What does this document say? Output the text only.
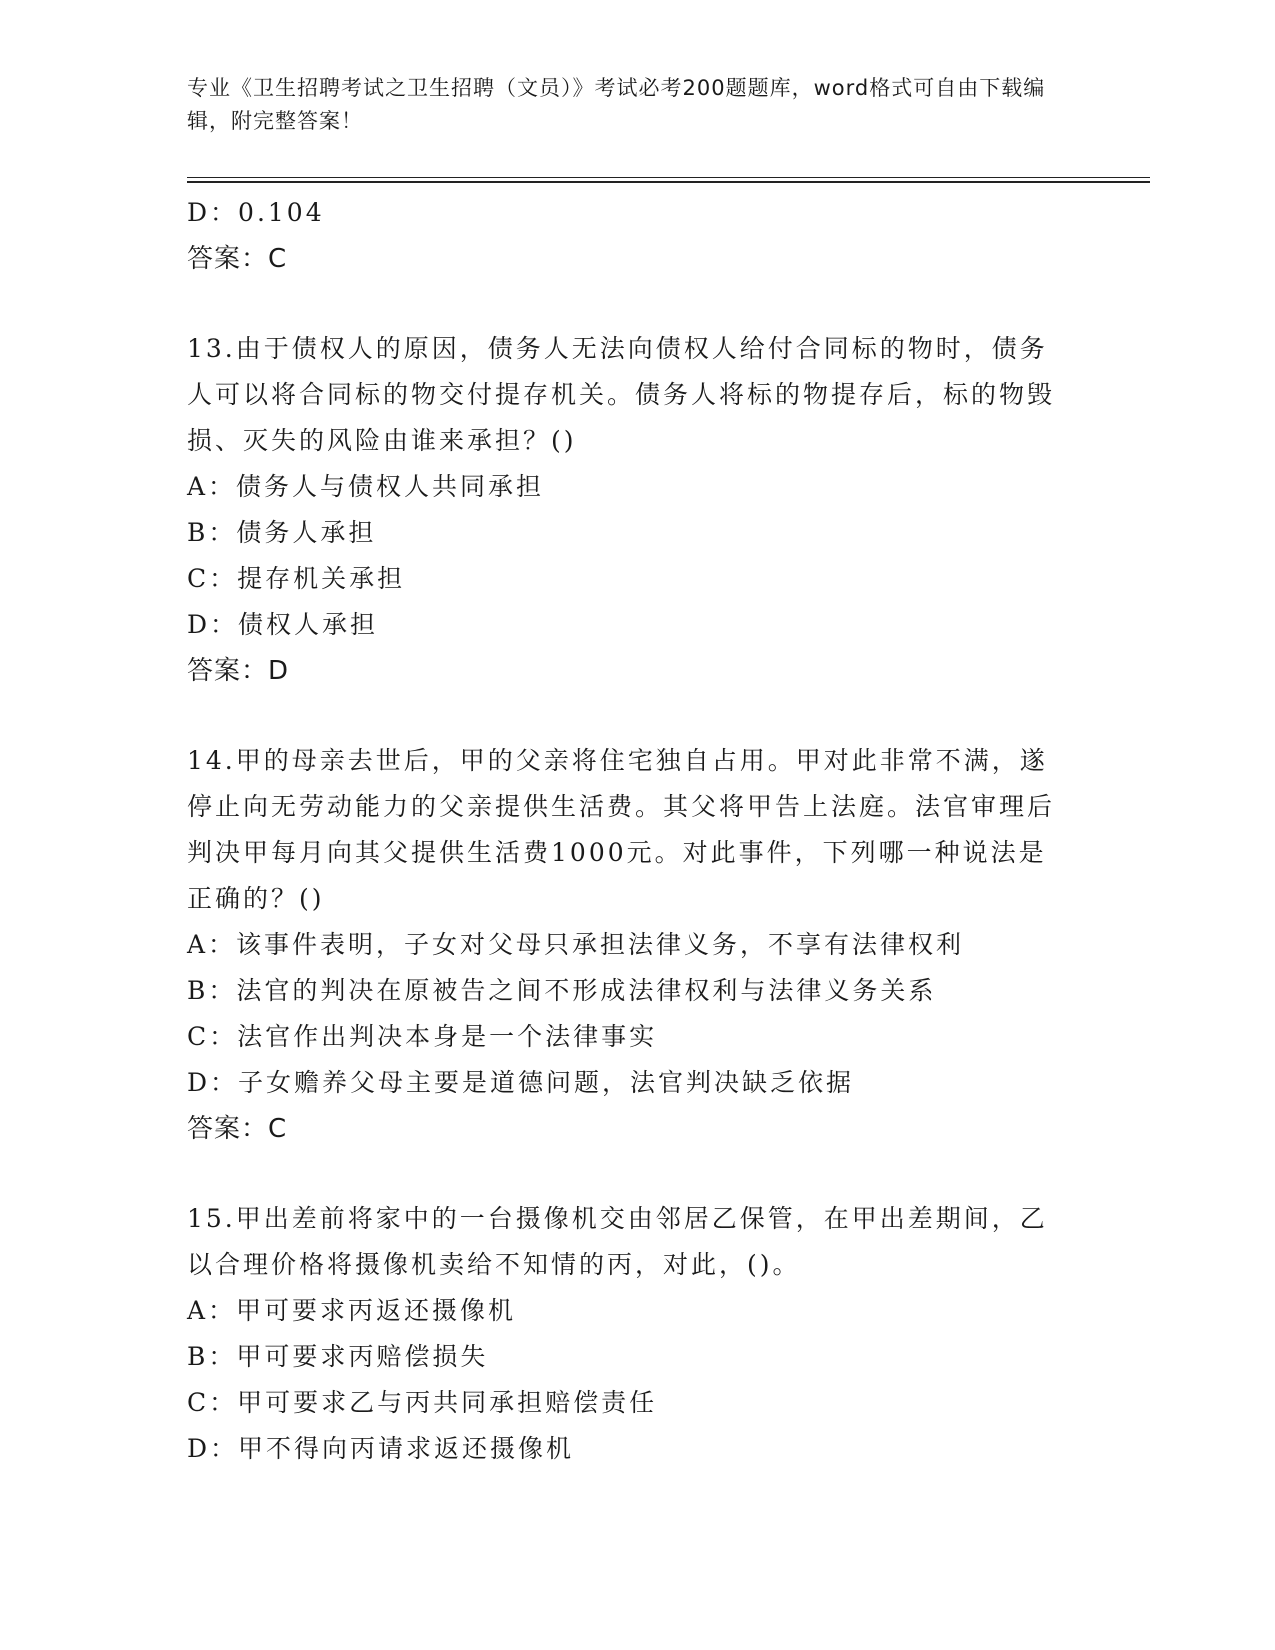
专业《卫生招聘考试之卫生招聘（文员）》考试必考200题题库，word格式可自由下载编辑，附完整答案！
D：0.104
答案：C
13.由于债权人的原因，债务人无法向债权人给付合同标的物时，债务人可以将合同标的物交付提存机关。债务人将标的物提存后，标的物毁损、灭失的风险由谁来承担？()
A：债务人与债权人共同承担
B：债务人承担
C：提存机关承担
D：债权人承担
答案：D
14.甲的母亲去世后，甲的父亲将住宅独自占用。甲对此非常不满，遂停止向无劳动能力的父亲提供生活费。其父将甲告上法庭。法官审理后判决甲每月向其父提供生活费1000元。对此事件，下列哪一种说法是正确的？()
A：该事件表明，子女对父母只承担法律义务，不享有法律权利
B：法官的判决在原被告之间不形成法律权利与法律义务关系
C：法官作出判决本身是一个法律事实
D：子女赡养父母主要是道德问题，法官判决缺乏依据
答案：C
15.甲出差前将家中的一台摄像机交由邻居乙保管，在甲出差期间，乙以合理价格将摄像机卖给不知情的丙，对此，()。
A：甲可要求丙返还摄像机
B：甲可要求丙赔偿损失
C：甲可要求乙与丙共同承担赔偿责任
D：甲不得向丙请求返还摄像机
